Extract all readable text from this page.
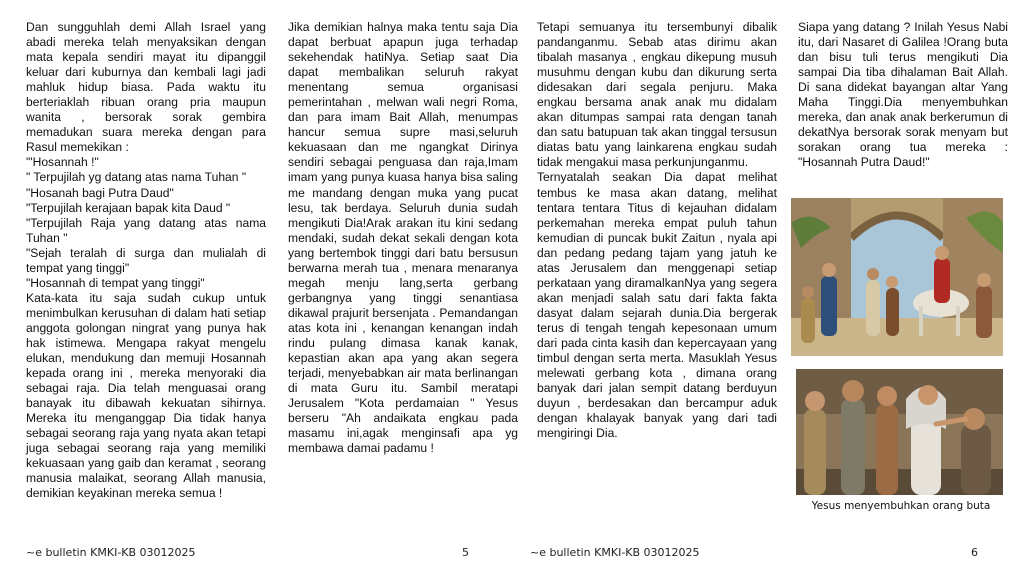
Dan sungguhlah demi Allah Israel yang abadi mereka telah menyaksikan dengan mata kepala sendiri mayat itu dipanggil keluar dari kuburnya dan kembali lagi jadi mahluk hidup biasa. Pada waktu itu berteriaklah ribuan orang pria maupun wanita , bersorak sorak gembira memadukan suara mereka dengan para Rasul memekikan :

"'Hosannah !"

" Terpujilah yg datang atas nama Tuhan "

"Hosanah bagi Putra Daud"

"Terpujilah kerajaan bapak kita Daud "

"Terpujilah Raja yang datang atas nama Tuhan "

"Sejah teralah di surga dan mulialah di tempat yang tinggi"

"Hosannah di tempat yang tinggi"

Kata-kata itu saja sudah cukup untuk menimbulkan kerusuhan di dalam hati setiap anggota golongan ningrat yang punya hak hak istimewa. Mengapa rakyat mengelu elukan, mendukung dan memuji Hosannah kepada orang ini , mereka menyoraki dia sebagai raja. Dia telah menguasai orang banayak itu dibawah kekuatan sihirnya. Mereka itu menganggap Dia tidak hanya sebagai seorang raja yang nyata akan tetapi juga sebagai seorang raja yang memiliki kekuasaan yang gaib dan keramat , seorang manusia malaikat, seorang Allah manusia, demikian keyakinan mereka semua !

Jika demikian halnya maka tentu saja Dia dapat berbuat apapun juga terhadap sekehendak hatiNya. Setiap saat Dia dapat membalikan seluruh rakyat menentang semua organisasi pemerintahan , melwan wali negri Roma, dan para imam Bait Allah, menumpas hancur semua supre masi,seluruh kekuasaan dan me ngangkat Dirinya sendiri sebagai penguasa dan raja,Imam imam yang punya kuasa hanya bisa saling me mandang dengan muka yang pucat lesu, tak berdaya. Seluruh dunia sudah mengikuti Dia!Arak arakan itu kini sedang mendaki, sudah dekat sekali dengan kota yang bertembok tinggi dari batu bersusun berwarna merah tua , menara menaranya megah menju lang,serta gerbang gerbangnya yang tinggi senantiasa dikawal prajurit bersenjata . Pemandangan atas kota ini , kenangan kenangan indah rindu pulang dimasa kanak kanak, kepastian akan apa yang akan segera terjadi, menyebabkan air mata berlinangan di mata Guru itu. Sambil meratapi Jerusalem "Kota perdamaian " Yesus berseru "Ah andaikata engkau pada masamu ini,agak menginsafi apa yg membawa damai padamu !

Tetapi semuanya itu tersembunyi dibalik pandanganmu. Sebab atas dirimu akan tibalah masanya , engkau dikepung musuh musuhmu dengan kubu dan dikurung serta didesakan dari segala penjuru. Maka engkau bersama anak anak mu didalam akan ditumpas sampai rata dengan tanah dan satu batupuan tak akan tinggal tersusun diatas batu yang lainkarena engkau sudah tidak mengakui masa perkunjunganmu.

Ternyatalah seakan Dia dapat melihat tembus ke masa akan datang, melihat tentara tentara Titus di kejauhan didalam perkemahan mereka empat puluh tahun kemudian di puncak bukit Zaitun , nyala api dan pedang pedang tajam yang jatuh ke atas Jerusalem dan menggenapi setiap perkataan yang diramalkanNya yang segera akan menjadi salah satu dari fakta fakta dasyat dalam sejarah dunia.Dia bergerak terus di tengah tengah kepesonaan umum dari pada cinta kasih dan kepercayaan yang timbul dengan serta merta. Masuklah Yesus melewati gerbang kota , dimana orang banyak dari jalan sempit datang berduyun duyun , berdesakan dan bercampur aduk dengan khalayak banyak yang dari tadi mengiringi Dia.

Siapa yang datang ? Inilah Yesus Nabi itu, dari Nasaret di Galilea !Orang buta dan bisu tuli terus mengikuti Dia sampai Dia tiba dihalaman Bait Allah. Di sana didekat bayangan altar Yang Maha Tinggi.Dia menyembuhkan mereka, dan anak anak berkerumun di dekatNya bersorak sorak menyam but sorakan orang tua mereka : "Hosannah Putra Daud!"

Yesus menyembuhkan orang buta
~e bulletin KMKI-KB 03012025	5	~e bulletin KMKI-KB 03012025	6
